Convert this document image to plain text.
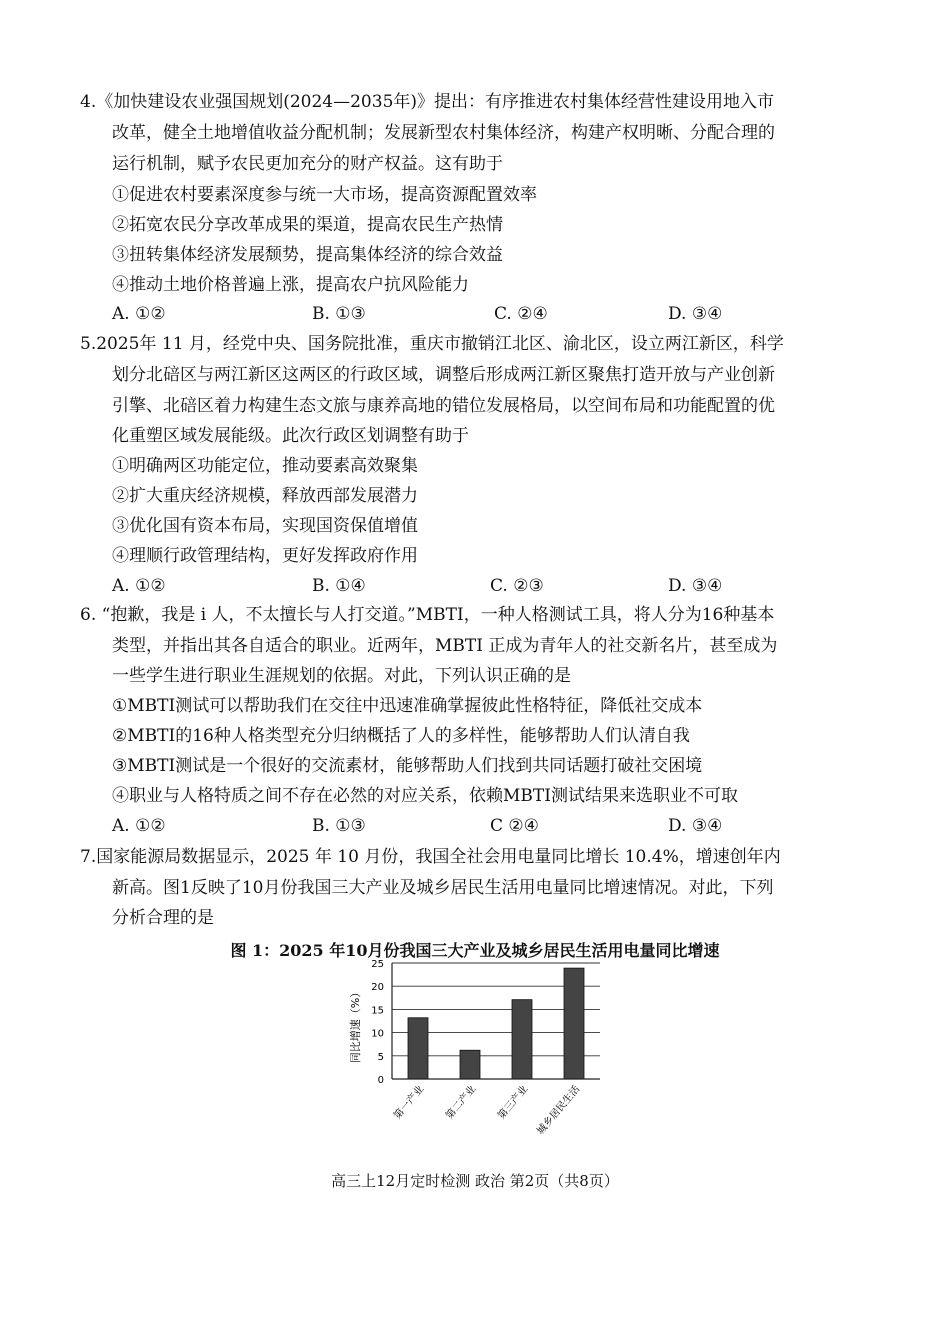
4.《加快建设农业强国规划(2024—2035年)》提出：有序推进农村集体经营性建设用地入市
改革，健全土地增值收益分配机制；发展新型农村集体经济，构建产权明晰、分配合理的
运行机制，赋予农民更加充分的财产权益。这有助于
①促进农村要素深度参与统一大市场，提高资源配置效率
②拓宽农民分享改革成果的渠道，提高农民生产热情
③扭转集体经济发展颓势，提高集体经济的综合效益
④推动土地价格普遍上涨，提高农户抗风险能力
A. ①②	B. ①③	C. ②④	D. ③④
5.2025年 11 月，经党中央、国务院批准，重庆市撤销江北区、渝北区，设立两江新区，科学
划分北碚区与两江新区这两区的行政区域，调整后形成两江新区聚焦打造开放与产业创新
引擎、北碚区着力构建生态文旅与康养高地的错位发展格局，以空间布局和功能配置的优
化重塑区域发展能级。此次行政区划调整有助于
①明确两区功能定位，推动要素高效聚集
②扩大重庆经济规模，释放西部发展潜力
③优化国有资本布局，实现国资保值增值
④理顺行政管理结构，更好发挥政府作用
A. ①②	B. ①④	C. ②③	D. ③④
6. “抱歉，我是 i 人，不太擅长与人打交道。”MBTI，一种人格测试工具，将人分为16种基本
类型，并指出其各自适合的职业。近两年，MBTI 正成为青年人的社交新名片，甚至成为
一些学生进行职业生涯规划的依据。对此，下列认识正确的是
①MBTI测试可以帮助我们在交往中迅速准确掌握彼此性格特征，降低社交成本
②MBTI的16种人格类型充分归纳概括了人的多样性，能够帮助人们认清自我
③MBTI测试是一个很好的交流素材，能够帮助人们找到共同话题打破社交困境
④职业与人格特质之间不存在必然的对应关系，依赖MBTI测试结果来选职业不可取
A. ①②	B. ①③	C ②④	D. ③④
7.国家能源局数据显示，2025 年 10 月份，我国全社会用电量同比增长 10.4%，增速创年内
新高。图1反映了10月份我国三大产业及城乡居民生活用电量同比增速情况。对此，下列
分析合理的是
图 1：2025 年10月份我国三大产业及城乡居民生活用电量同比增速
同比增速（%）
0
5
10
15
20
25
第一产业 第二产业 第三产业 城乡居民生活
高三上12月定时检测 政治 第2页（共8页）
